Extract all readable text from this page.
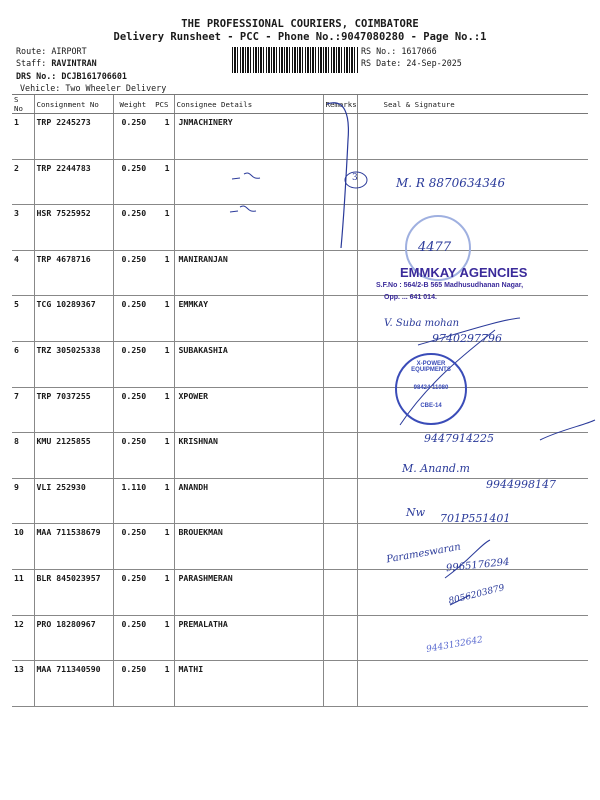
THE PROFESSIONAL COURIERS, COIMBATORE
Delivery Runsheet - PCC - Phone No.:9047080280 - Page No.:1
Route: AIRPORT
Staff: RAVINTRAN
DRS No.: DCJB161706601
Vehicle: Two Wheeler Delivery
RS No.: 1617066
RS Date: 24-Sep-2025
S No	Consignment No	Weight PCS	Consignee Details	Remarks	Seal & Signature
1	TRP 2245273	0.250 1	JNMACHINERY		
2	TRP 2244783	0.250 1			

3	HSR 7525952	0.250 1			

4	TRP 4678716	0.250 1	MANIRANJAN		
5	TCG 10289367	0.250 1	EMMKAY		
6	TRZ 305025338	0.250 1	SUBAKASHIA		
7	TRP 7037255	0.250 1	XPOWER		
8	KMU 2125855	0.250 1	KRISHNAN		
9	VLI 252930	1.110 1	ANANDH		
10	MAA 711538679	0.250 1	BROUEKMAN		
11	BLR 845023957	0.250 1	PARASHMERAN		
12	PRO 18280967	0.250 1	PREMALATHA		
13	MAA 711340590	0.250 1	MATHI		
3	M. R 8870634346
4477
EMMKAY AGENCIES
S.F.No : 564/2-B 565 Madhusudhanan Nagar,
Opp. ... 641 014.
V. Suba mohan
9740297796
X-POWER EQUIPMENTS
98424 11080
CBE-14
9447914225
M. Anand.m
9944998147
Nw 701P551401
Parameswaran
9965176294
8056203879
9443132642
